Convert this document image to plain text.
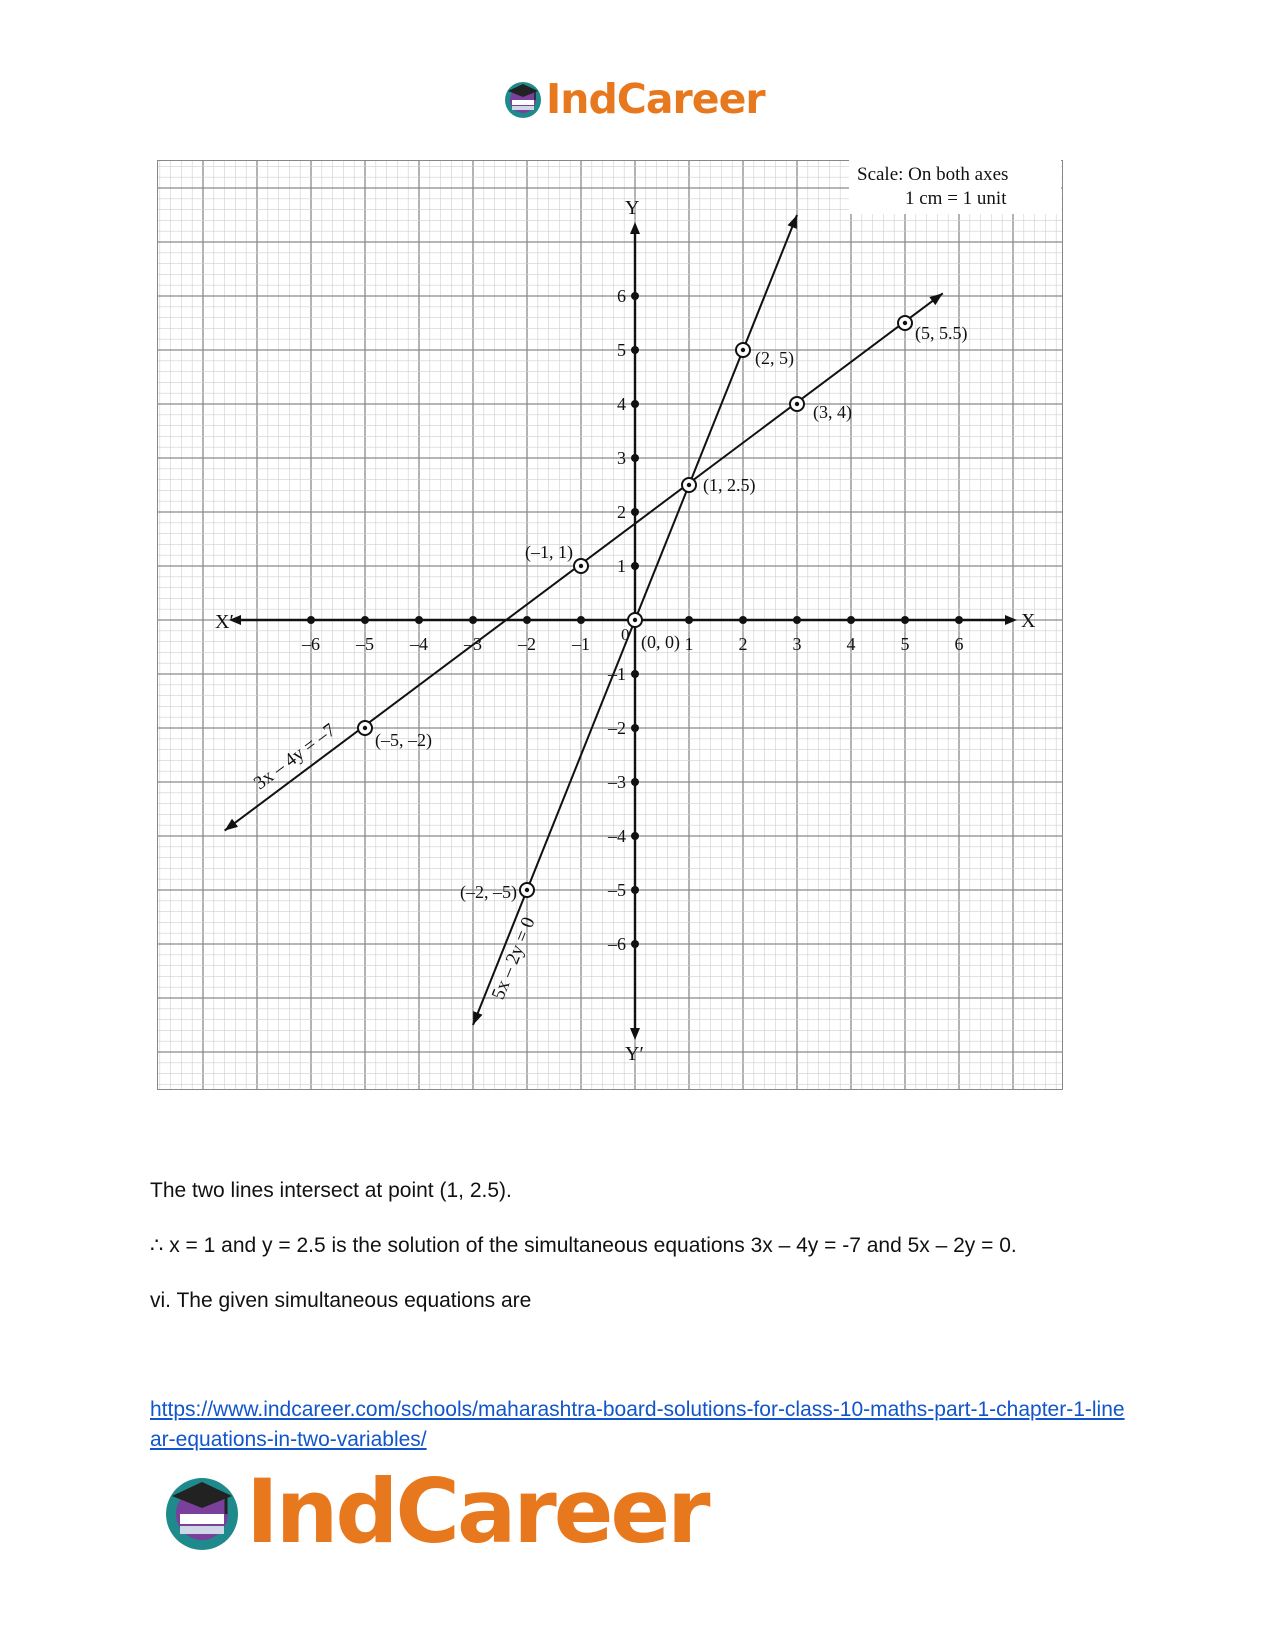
IndCareer
X
X′
Y
Y′
0
–6 –5 –4 –3 –2 –1	1	2	3	4	5	6
–6
–5
–4
–3
–2
–1
1
2
3
4
5
6
3x – 4y = –7
5x – 2y = 0
(–5, –2)
(–1, 1)
(1, 2.5)
(3, 4)
(5, 5.5)
(–2, –5)
(0, 0)
(2, 5)
Scale: On both axes
1 cm = 1 unit

The two lines intersect at point (1, 2.5).

∴ x = 1 and y = 2.5 is the solution of the simultaneous equations 3x – 4y = -7 and 5x – 2y = 0.

vi. The given simultaneous equations are

https://www.indcareer.com/schools/maharashtra-board-solutions-for-class-10-maths-part-1-chapter-1-linear-equations-in-two-variables/
IndCareer
